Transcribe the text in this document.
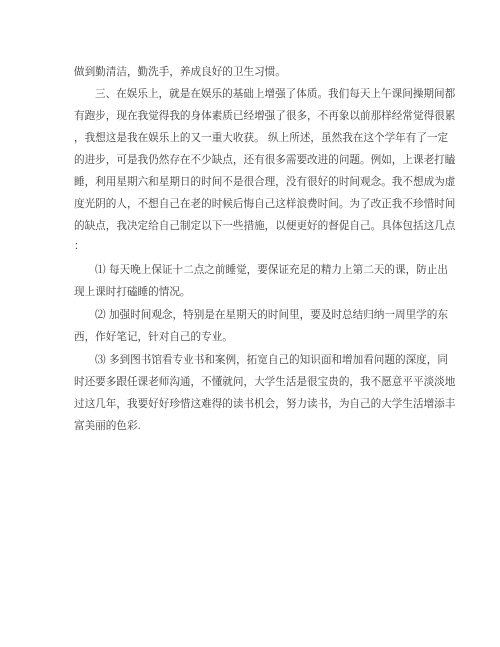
做到勤清洁，勤洗手，养成良好的卫生习惯。
三、在娱乐上，就是在娱乐的基础上增强了体质。我们每天上午课间操期间都
有跑步，现在我觉得我的身体素质已经增强了很多，不再象以前那样经常觉得很累
，我想这是我在娱乐上的又一重大收获。 纵上所述，虽然我在这个学年有了一定
的进步，可是我仍然存在不少缺点，还有很多需要改进的问题。例如，上课老打瞌
睡，利用星期六和星期日的时间不是很合理，没有很好的时间观念。我不想成为虚
度光阴的人，不想自己在老的时候后悔自己这样浪费时间。为了改正我不珍惜时间
的缺点，我决定给自己制定以下一些措施，以便更好的督促自己。具体包括这几点
：
⑴ 每天晚上保证十二点之前睡觉，要保证充足的精力上第二天的课，防止出
现上课时打磕睡的情况。
⑵ 加强时间观念，特别是在星期天的时间里，要及时总结归纳一周里学的东
西，作好笔记，针对自己的专业。
⑶ 多到图书馆看专业书和案例，拓宽自己的知识面和增加看问题的深度，同
时还要多跟任课老师沟通，不懂就问，大学生活是很宝贵的，我不愿意平平淡淡地
过这几年，我要好好珍惜这难得的读书机会，努力读书，为自己的大学生活增添丰
富美丽的色彩.
